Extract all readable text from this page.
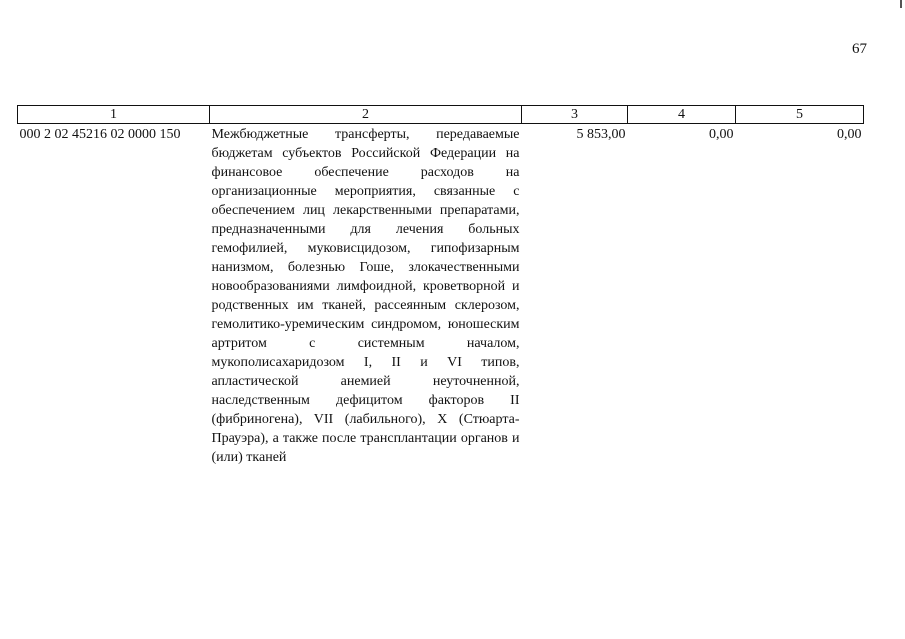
67
1	2	3	4	5
000 2 02 45216 02 0000 150	Межбюджетные трансферты, передаваемые бюджетам субъектов Российской Федерации на финансовое обеспечение расходов на организационные мероприятия, связанные с обеспечением лиц лекарственными препаратами, предназначенными для лечения больных гемофилией, муковисцидозом, гипофизарным нанизмом, болезнью Гоше, злокачественными новообразованиями лимфоидной, кроветворной и родственных им тканей, рассеянным склерозом, гемолитико-уремическим синдромом, юношеским артритом с системным началом, мукополисахаридозом I, II и VI типов, апластической анемией неуточненной, наследственным дефицитом факторов II (фибриногена), VII (лабильного), X (Стюарта-Прауэра), а также после трансплантации органов и (или) тканей	5 853,00	0,00	0,00
